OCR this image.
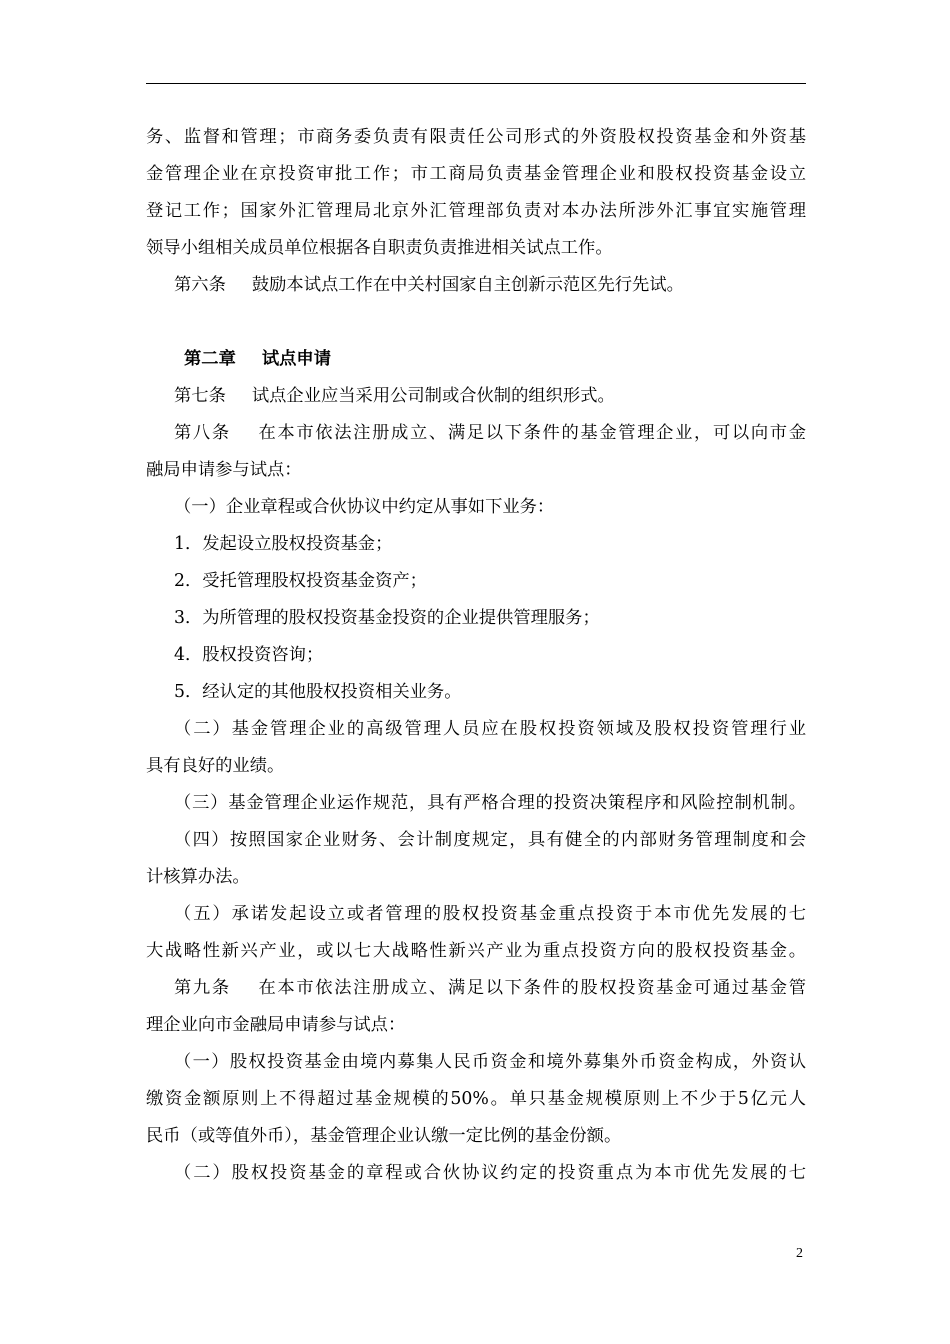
务、监督和管理；市商务委负责有限责任公司形式的外资股权投资基金和外资基
金管理企业在京投资审批工作；市工商局负责基金管理企业和股权投资基金设立
登记工作；国家外汇管理局北京外汇管理部负责对本办法所涉外汇事宜实施管理
领导小组相关成员单位根据各自职责负责推进相关试点工作。
第六条 鼓励本试点工作在中关村国家自主创新示范区先行先试。
第二章 试点申请
第七条 试点企业应当采用公司制或合伙制的组织形式。
第八条 在本市依法注册成立、满足以下条件的基金管理企业，可以向市金
融局申请参与试点：
（一）企业章程或合伙协议中约定从事如下业务：
1．发起设立股权投资基金；
2．受托管理股权投资基金资产；
3．为所管理的股权投资基金投资的企业提供管理服务；
4．股权投资咨询；
5．经认定的其他股权投资相关业务。
（二）基金管理企业的高级管理人员应在股权投资领域及股权投资管理行业
具有良好的业绩。
（三）基金管理企业运作规范，具有严格合理的投资决策程序和风险控制机制。
（四）按照国家企业财务、会计制度规定，具有健全的内部财务管理制度和会
计核算办法。
（五）承诺发起设立或者管理的股权投资基金重点投资于本市优先发展的七
大战略性新兴产业，或以七大战略性新兴产业为重点投资方向的股权投资基金。
第九条 在本市依法注册成立、满足以下条件的股权投资基金可通过基金管
理企业向市金融局申请参与试点：
（一）股权投资基金由境内募集人民币资金和境外募集外币资金构成，外资认
缴资金额原则上不得超过基金规模的50%。单只基金规模原则上不少于5亿元人
民币（或等值外币），基金管理企业认缴一定比例的基金份额。
（二）股权投资基金的章程或合伙协议约定的投资重点为本市优先发展的七
2
